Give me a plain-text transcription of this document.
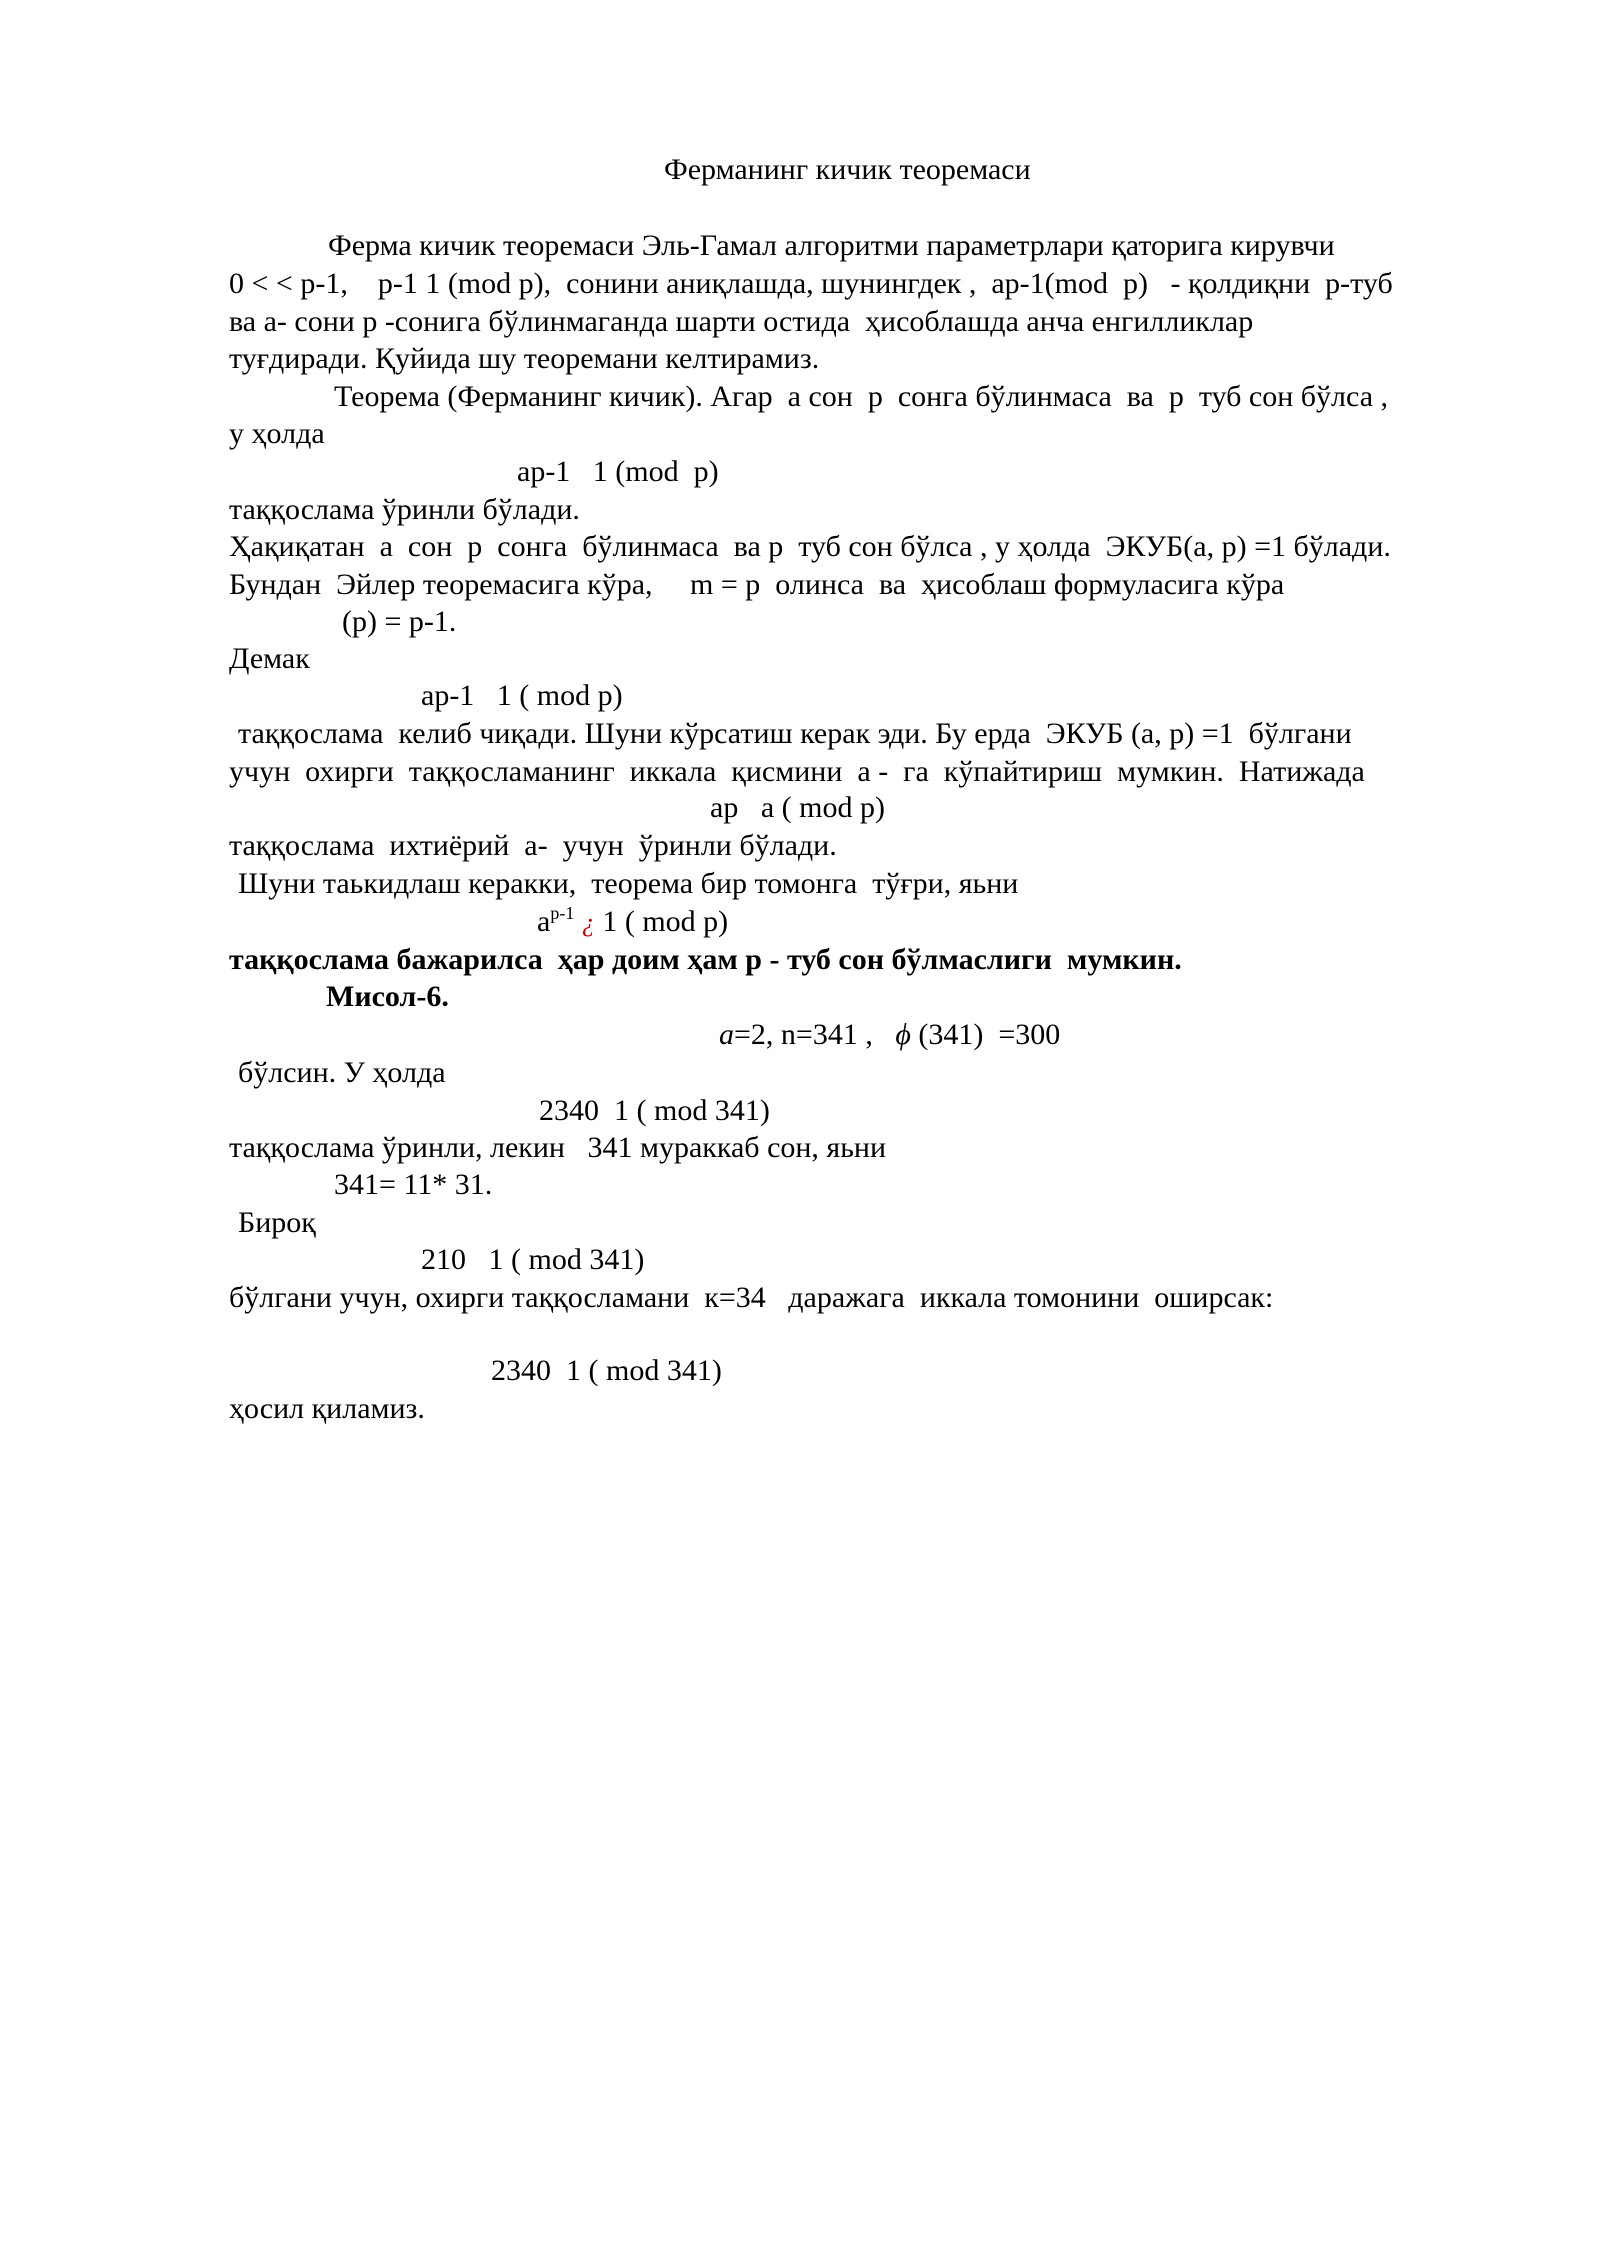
Ферманинг кичик теоремаси
Ферма кичик теоремаси Эль-Гамал алгоритми параметрлари қаторига кирувчи
0 < < p-1,    p-1 1 (mod p),  сонини аниқлашда, шунингдек ,  ар-1(mod  p)   - қолдиқни  p-туб
ва а- сони р -сонига бўлинмаганда шарти остида  ҳисоблашда анча енгилликлар
туғдиради. Қуйида шу теоремани келтирамиз.
Теорема (Ферманинг кичик). Агар  а сон  р  сонга бўлинмаса  ва  р  туб сон бўлса ,
у ҳолда
ар-1   1 (mod  p)
таққослама ўринли бўлади.
Ҳақиқатан  а  сон  р  сонга  бўлинмаса  ва р  туб сон бўлса , у ҳолда  ЭКУБ(а, р) =1 бўлади.
Бундан  Эйлер теоремасига кўра,     m = p  олинса  ва  ҳисоблаш формуласига кўра
(p) = p-1.
Демак
ар-1   1 ( mod p)
таққослама  келиб чиқади. Шуни кўрсатиш керак эди. Бу ерда  ЭКУБ (а, р) =1  бўлгани
учун  охирги  таққосламанинг  иккала  қисмини  а -  га  кўпайтириш  мумкин.  Натижада
ар   а ( mod p)
таққослама  ихтиёрий  а-  учун  ўринли бўлади.
Шуни таькидлаш керакки,  теорема бир томонга  тўғри, яьни
$a^{p-1}$ ¿ 1 ( mod p)
таққослама бажарилса  ҳар доим ҳам р - туб сон бўлмаслиги  мумкин.
Мисол-6.
a=2, n=341 , ϕ (341)  =300
бўлсин. У ҳолда
2340  1 ( mod 341)
таққослама ўринли, лекин   341 мураккаб сон, яьни
341= 11* 31.
Бироқ
210   1 ( mod 341)
бўлгани учун, охирги таққосламани  к=34   даражага  иккала томонини  оширсак:
2340  1 ( mod 341)
ҳосил қиламиз.
